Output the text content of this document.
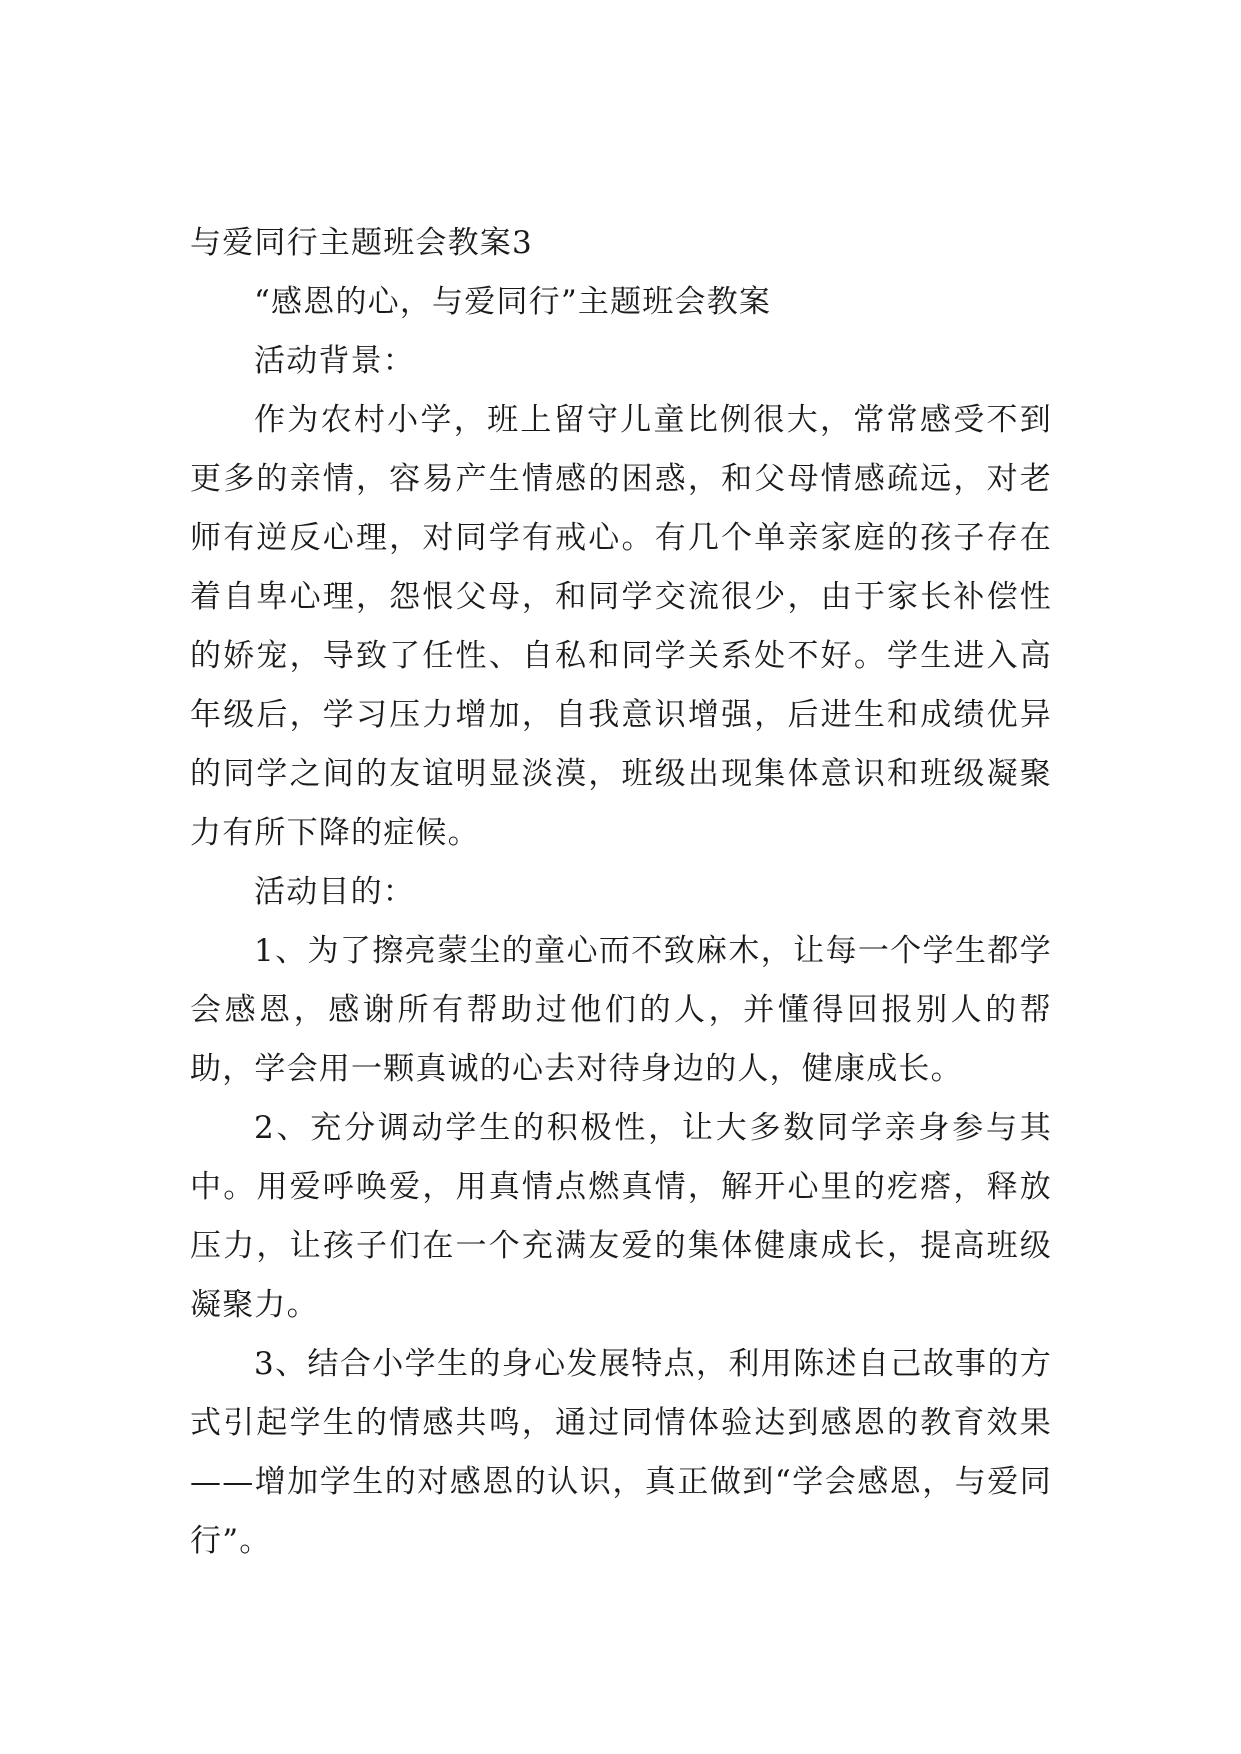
与爱同行主题班会教案3

“感恩的心，与爱同行”主题班会教案

活动背景：

作为农村小学，班上留守儿童比例很大，常常感受不到更多的亲情，容易产生情感的困惑，和父母情感疏远，对老师有逆反心理，对同学有戒心。有几个单亲家庭的孩子存在着自卑心理，怨恨父母，和同学交流很少，由于家长补偿性的娇宠，导致了任性、自私和同学关系处不好。学生进入高年级后，学习压力增加，自我意识增强，后进生和成绩优异的同学之间的友谊明显淡漠，班级出现集体意识和班级凝聚力有所下降的症候。

活动目的：

1、为了擦亮蒙尘的童心而不致麻木，让每一个学生都学会感恩，感谢所有帮助过他们的人，并懂得回报别人的帮助，学会用一颗真诚的心去对待身边的人，健康成长。

2、充分调动学生的积极性，让大多数同学亲身参与其中。用爱呼唤爱，用真情点燃真情，解开心里的疙瘩，释放压力，让孩子们在一个充满友爱的集体健康成长，提高班级凝聚力。

3、结合小学生的身心发展特点，利用陈述自己故事的方式引起学生的情感共鸣，通过同情体验达到感恩的教育效果——增加学生的对感恩的认识，真正做到“学会感恩，与爱同行”。
